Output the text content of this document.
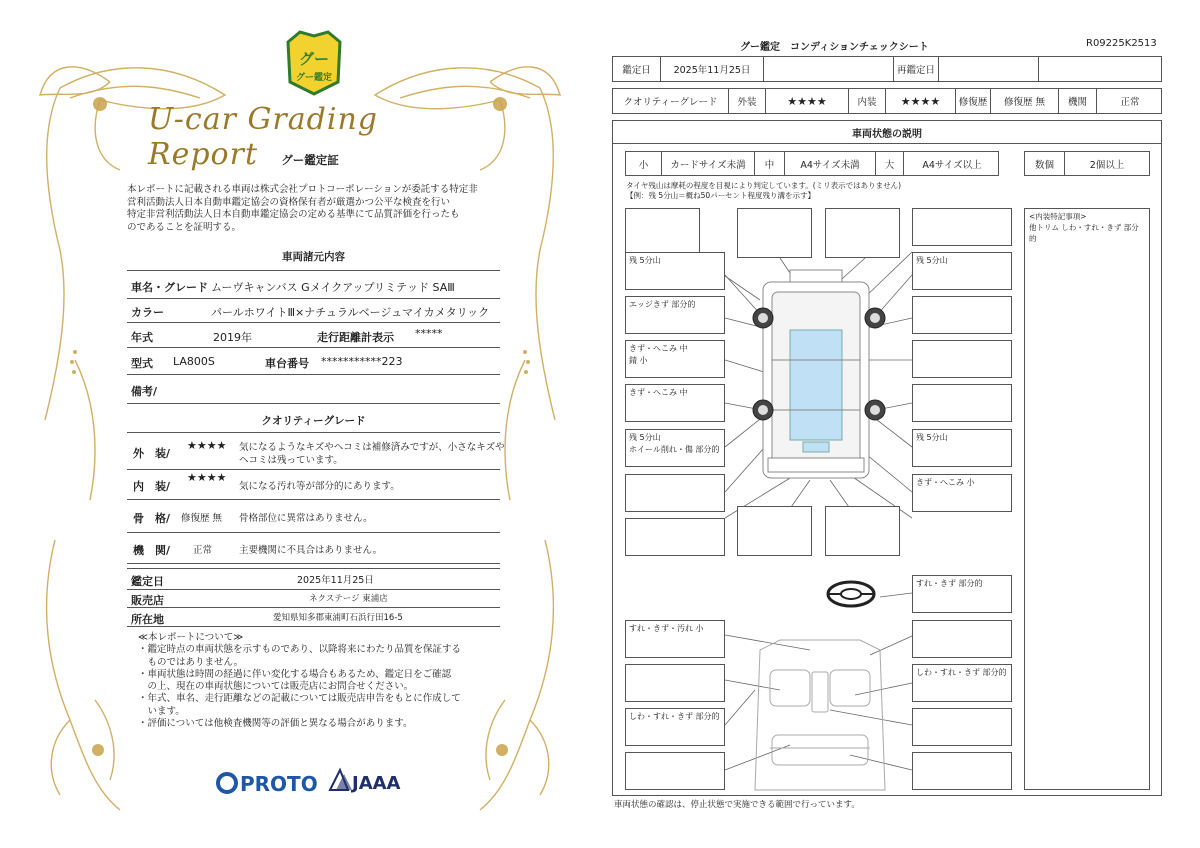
グー
グー鑑定
U-car Grading Report	グー鑑定証
本レポートに記載される車両は株式会社プロトコーポレーションが委託する特定非
営利活動法人日本自動車鑑定協会の資格保有者が厳選かつ公平な検査を行い
特定非営利活動法人日本自動車鑑定協会の定める基準にて品質評価を行ったも
のであることを証明する。
車両諸元内容
車名・グレード ムーヴキャンバス Gメイクアップリミテッド SAⅢ
カラー	パールホワイトⅢ×ナチュラルベージュマイカメタリック
年式	2019年	走行距離計表示 *****
型式 LA800S	車台番号 ***********223
備考/
クオリティーグレード
外　装/
★★★★ 気になるようなキズやヘコミは補修済みですが、小さなキズや
ヘコミは残っています。
内　装/
★★★★
気になる汚れ等が部分的にあります。
骨　格/ 修復歴 無 骨格部位に異常はありません。
機　関/ 正常	主要機関に不具合はありません。
鑑定日	2025年11月25日
販売店	ネクステージ 東浦店
所在地	愛知県知多郡東浦町石浜行田16-5
≪本レポートについて≫
・鑑定時点の車両状態を示すものであり、以降将来にわたり品質を保証する
　ものではありません。
・車両状態は時間の経過に伴い変化する場合もあるため、鑑定日をご確認
　の上、現在の車両状態については販売店にお問合せください。
・年式、車名、走行距離などの記載については販売店申告をもとに作成して
　います。
・評価については他検査機関等の評価と異なる場合があります。
PROTO JAAA
グー鑑定　コンディションチェックシート	R09225K2513
鑑定日	2025年11月25日	再鑑定日
クオリティーグレード	外装	★★★★	内装	★★★★	修復歴	修復歴 無	機関	正常
車両状態の説明
小	カードサイズ未満	中	A4サイズ未満	大	A4サイズ以上	数個	2個以上
タイヤ残山は摩耗の程度を目視により判定しています。(ミリ表示ではありません)
【例：残 5分山＝概ね50パーセント程度残り溝を示す】
残 5分山	残 5分山
エッジきず 部分的
きず・へこみ 中
錆 小
きず・へこみ 中
残 5分山
ホイール削れ・傷 部分的
残 5分山
きず・へこみ 小
すれ・きず 部分的
すれ・きず・汚れ 小
しわ・すれ・きず 部分的
しわ・すれ・きず 部分的
<内装特記事項>
他トリム しわ・すれ・きず 部分的
車両状態の確認は、停止状態で実施できる範囲で行っています。
